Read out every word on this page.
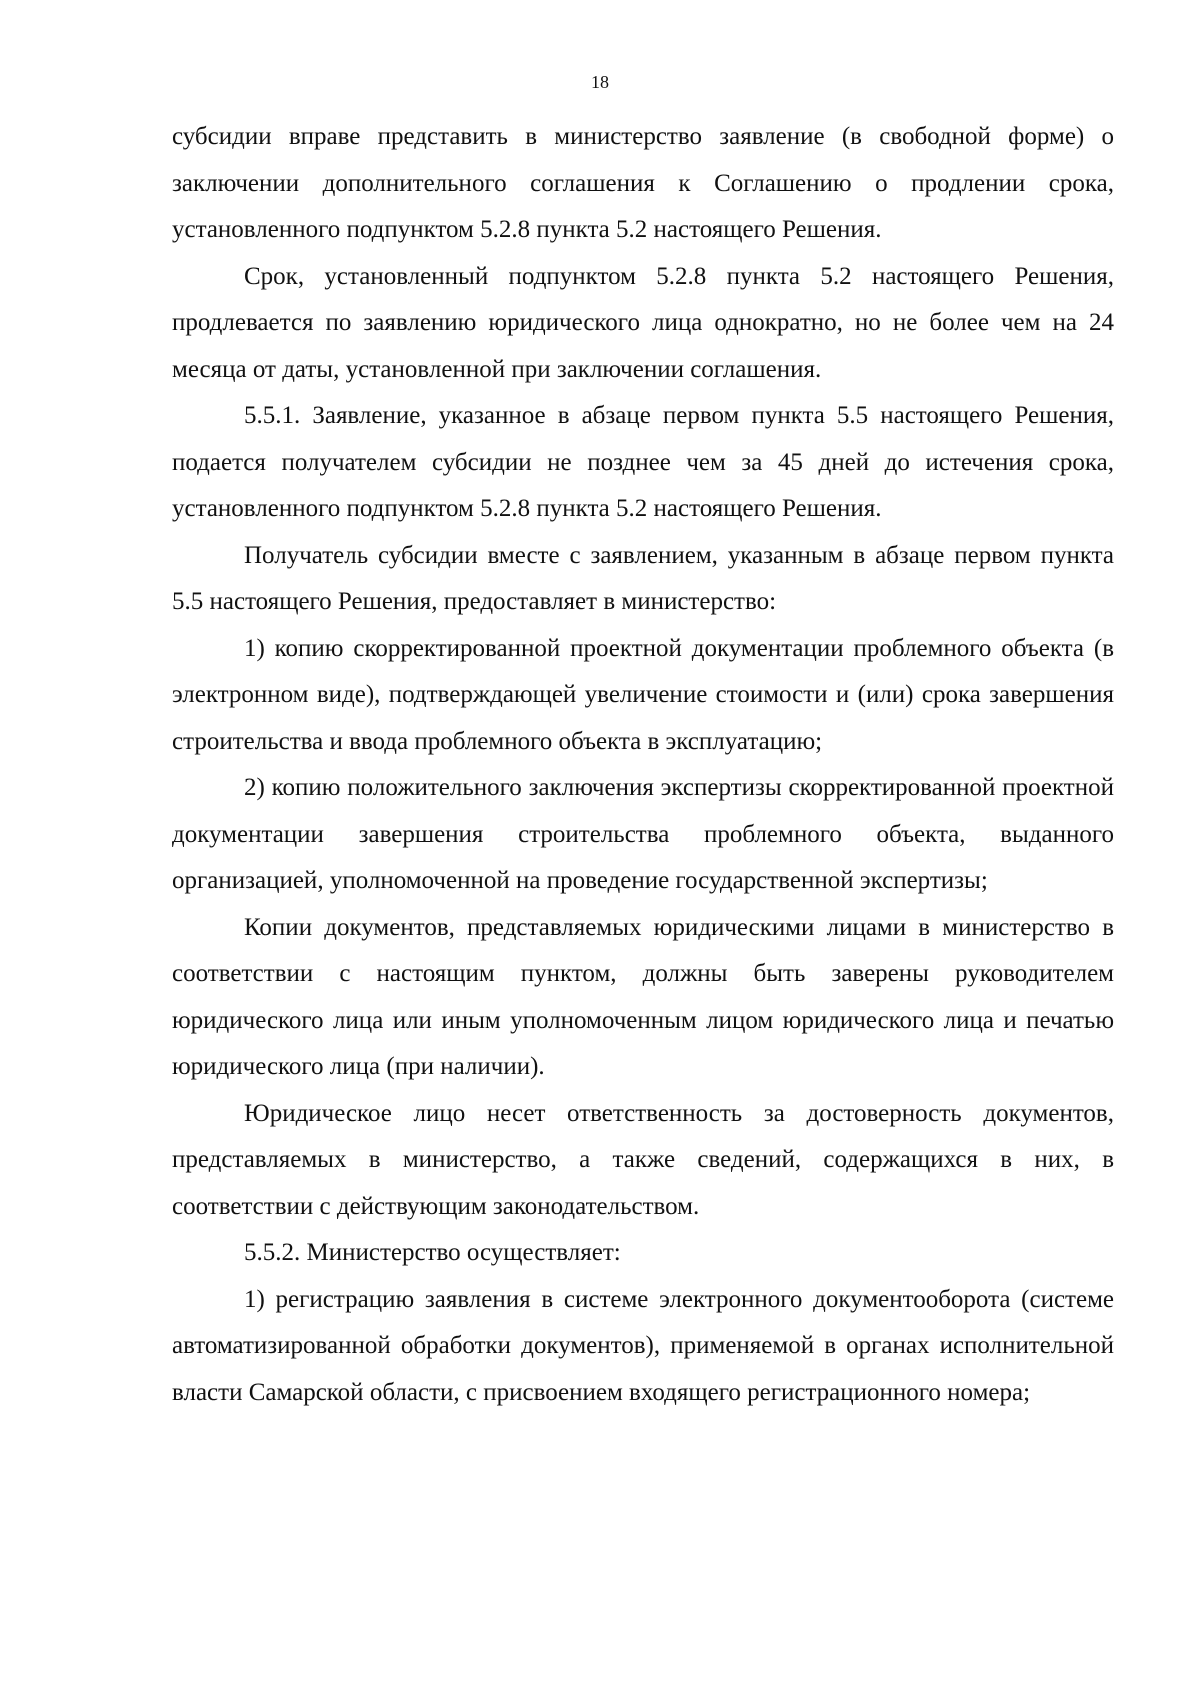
18

субсидии вправе представить в министерство заявление (в свободной форме) о заключении дополнительного соглашения к Соглашению о продлении срока, установленного подпунктом 5.2.8 пункта 5.2 настоящего Решения.

Срок, установленный подпунктом 5.2.8 пункта 5.2 настоящего Решения, продлевается по заявлению юридического лица однократно, но не более чем на 24 месяца от даты, установленной при заключении соглашения.

5.5.1. Заявление, указанное в абзаце первом пункта 5.5 настоящего Решения, подается получателем субсидии не позднее чем за 45 дней до истечения срока, установленного подпунктом 5.2.8 пункта 5.2 настоящего Решения.

Получатель субсидии вместе с заявлением, указанным в абзаце первом пункта 5.5 настоящего Решения, предоставляет в министерство:

1) копию скорректированной проектной документации проблемного объекта (в электронном виде), подтверждающей увеличение стоимости и (или) срока завершения строительства и ввода проблемного объекта в эксплуатацию;

2) копию положительного заключения экспертизы скорректированной проектной документации завершения строительства проблемного объекта, выданного организацией, уполномоченной на проведение государственной экспертизы;

Копии документов, представляемых юридическими лицами в министерство в соответствии с настоящим пунктом, должны быть заверены руководителем юридического лица или иным уполномоченным лицом юридического лица и печатью юридического лица (при наличии).

Юридическое лицо несет ответственность за достоверность документов, представляемых в министерство, а также сведений, содержащихся в них, в соответствии с действующим законодательством.

5.5.2. Министерство осуществляет:

1) регистрацию заявления в системе электронного документооборота (системе автоматизированной обработки документов), применяемой в органах исполнительной власти Самарской области, с присвоением входящего регистрационного номера;
